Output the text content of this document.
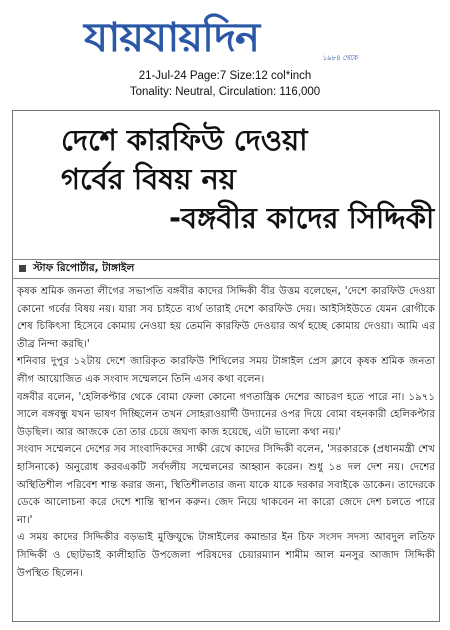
যায়যায়দিন	১৯৮৪ থেকে
21-Jul-24 Page:7 Size:12 col*inch
Tonality: Neutral, Circulation: 116,000
দেশে কারফিউ দেওয়া
গর্বের বিষয় নয়
-বঙ্গবীর কাদের সিদ্দিকী
স্টাফ রিপোর্টার, টাঙ্গাইল

কৃষক শ্রমিক জনতা লীগের সভাপতি বঙ্গবীর কাদের সিদ্দিকী বীর উত্তম বলেছেন, 'দেশে কারফিউ দেওয়া কোনো গর্বের বিষয় নয়। যারা সব চাইতে ব্যর্থ তারাই দেশে কারফিউ দেয়। আইসিইউতে যেমন রোগীকে শেষ চিকিৎসা হিসেবে কোমায় নেওয়া হয় তেমনি কারফিউ দেওয়ার অর্থ হচ্ছে কোমায় দেওয়া। আমি এর তীব্র নিন্দা করছি।'

শনিবার দুপুর ১২টায় দেশে জারিকৃত কারফিউ শিথিলের সময় টাঙ্গাইল প্রেস ক্লাবে কৃষক শ্রমিক জনতা লীগ আয়োজিত এক সংবাদ সম্মেলনে তিনি এসব কথা বলেন।

বঙ্গবীর বলেন, 'হেলিকপ্টার থেকে বোমা ফেলা কোনো গণতান্ত্রিক দেশের আচরণ হতে পারে না। ১৯৭১ সালে বঙ্গবন্ধু যখন ভাষণ দিচ্ছিলেন তখন সোহরাওয়ার্দী উদ্যানের ওপর দিয়ে বোমা বহনকারী হেলিকপ্টার উড়ছিল। আর আজকে তো তার চেয়ে জঘণ্য কাজ হয়েছে, এটা ভালো কথা নয়।'

সংবাদ সম্মেলনে দেশের সব সাংবাদিকদের সাক্ষী রেখে কাদের সিদ্দিকী বলেন, 'সরকারকে (প্রধানমন্ত্রী শেখ হাসিনাকে) অনুরোধ করবএকটি সর্বদলীয় সম্মেলনের আহ্বান করেন। শুধু ১৪ দল দেশ নয়। দেশের অস্থিতিশীল পরিবেশ শান্ত করার জন্য, স্থিতিশীলতার জন্য যাকে যাকে দরকার সবাইকে ডাকেন। তাদেরকে ডেকে আলোচনা করে দেশে শান্তি স্থাপন করুন। জেদ নিয়ে থাকবেন না কারো জেদে দেশ চলতে পারে না।'

এ সময় কাদের সিদ্দিকীর বড়ভাই মুক্তিযুদ্ধে টাঙ্গাইলের কমান্ডার ইন চিফ সংসদ সদস্য আবদুল লতিফ সিদ্দিকী ও ছোটভাই কালীহাতি উপজেলা পরিষদের চেয়ারম্যান শামীম আল মনসুর আজাদ সিদ্দিকী উপস্থিত ছিলেন।
